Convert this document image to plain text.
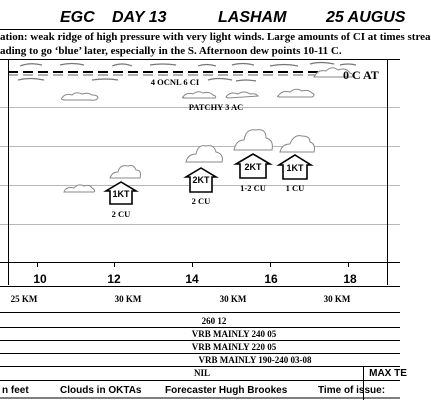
EGC DAY 13	LASHAM 25 AUGUS
ation: weak ridge of high pressure with very light winds. Large amounts of CI at times strea
ading to go ‘blue’ later, especially in the S. Afternoon dew points 10-11 C.
4 OCNL 6 CI
PATCHY 3 AC
0 C AT
1KT
2KT
2KT	1KT
2 CU
2 CU
1-2 CU 1 CU
10	12	14	16	18
25 KM	30 KM	30 KM	30 KM
260 12
VRB MAINLY 240 05
VRB MAINLY 220 05
VRB MAINLY 190-240 03-08
NIL	MAX TE
n feet	Clouds in OKTAs Forecaster Hugh Brookes	Time of issue:
